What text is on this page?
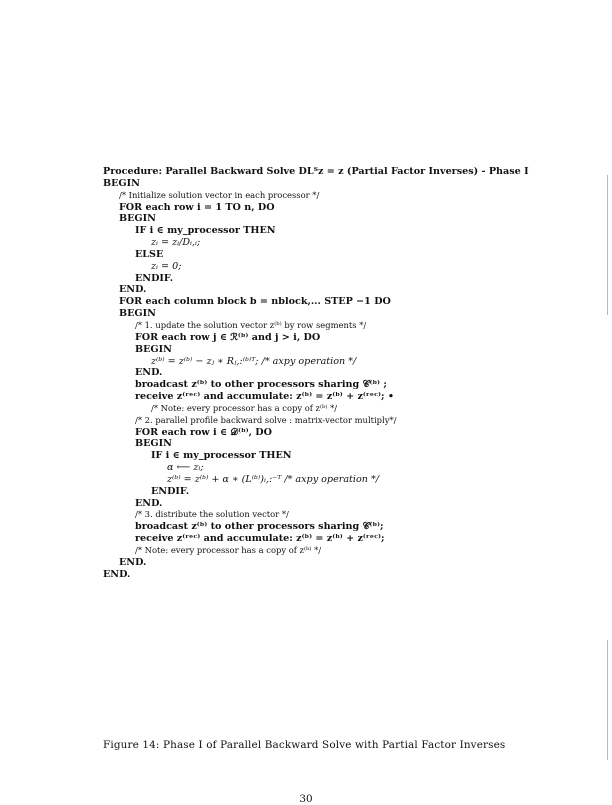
Procedure: Parallel Backward Solve DLᵀz = z (Partial Factor Inverses) - Phase I
BEGIN
/* Initialize solution vector in each processor */
FOR each row i = 1 TO n, DO
BEGIN
IF i ∈ my_processor THEN
zᵢ = zᵢ/Dᵢ,ᵢ;
ELSE
zᵢ = 0;
ENDIF.
END.
FOR each column block b = nblock,... STEP −1 DO
BEGIN
/* 1. update the solution vector z⁽ᵇ⁾ by row segments */
FOR each row j ∈ ℛ⁽ᵇ⁾ and j > i, DO
BEGIN
z⁽ᵇ⁾ = z⁽ᵇ⁾ − zⱼ ∗ Rⱼ,:⁽ᵇ⁾ᵀ; /* axpy operation */
END.
broadcast z⁽ᵇ⁾ to other processors sharing 𝒞⁽ᵇ⁾ ;
receive z⁽ʳᵉᶜ⁾ and accumulate: z⁽ᵇ⁾ = z⁽ᵇ⁾ + z⁽ʳᵉᶜ⁾; •
/* Note: every processor has a copy of z⁽ᵇ⁾ */
/* 2. parallel profile backward solve : matrix-vector multiply*/
FOR each row i ∈ 𝒟⁽ᵇ⁾, DO
BEGIN
IF i ∈ my_processor THEN
α ⟵ zᵢ;
z⁽ᵇ⁾ = z⁽ᵇ⁾ + α ∗ (L⁽ᵇ⁾)ᵢ,:⁻ᵀ /* axpy operation */
ENDIF.
END.
/* 3. distribute the solution vector */
broadcast z⁽ᵇ⁾ to other processors sharing 𝒞⁽ᵇ⁾;
receive z⁽ʳᵉᶜ⁾ and accumulate: z⁽ᵇ⁾ = z⁽ᵇ⁾ + z⁽ʳᵉᶜ⁾;
/* Note: every processor has a copy of z⁽ᵇ⁾ */
END.
END.
Figure 14: Phase I of Parallel Backward Solve with Partial Factor Inverses
30
